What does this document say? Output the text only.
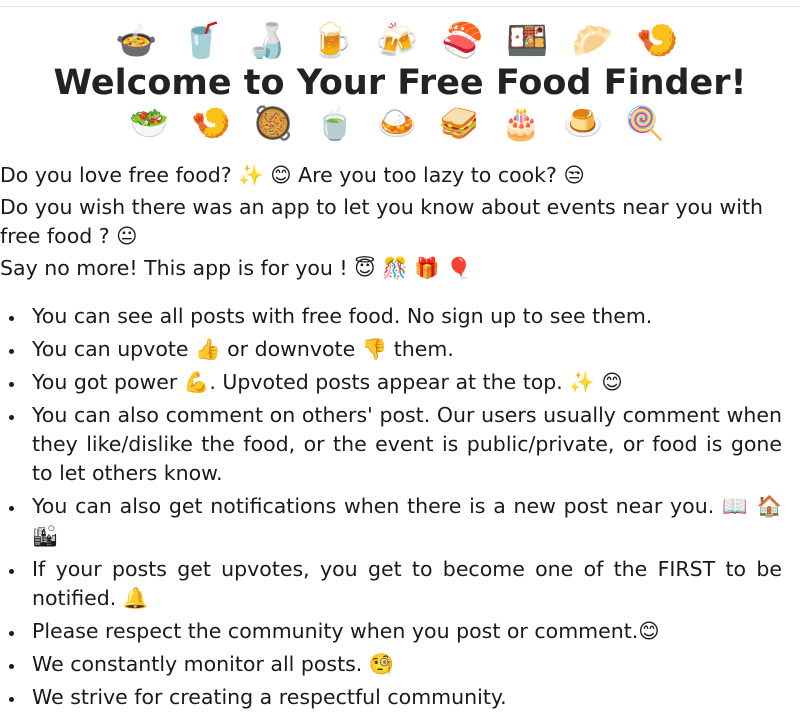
🍲 🥤 🍶 🍺 🍻 🍣 🍱 🥟 🍤
Welcome to Your Free Food Finder!
🥗 🍤 🥘 🍵 🍛 🥪 🎂 🍮 🍭

Do you love free food? ✨ 😊 Are you too lazy to cook? 😒

Do you wish there was an app to let you know about events near you with free food ? 😐

Say no more! This app is for you ! 😇 🎊 🎁 🎈

• You can see all posts with free food. No sign up to see them.
• You can upvote 👍 or downvote 👎 them.
• You got power 💪. Upvoted posts appear at the top. ✨ 😊
• You can also comment on others' post. Our users usually comment when they like/dislike the food, or the event is public/private, or food is gone to let others know.
• You can also get notifications when there is a new post near you. 📖 🏠 🏙
• If your posts get upvotes, you get to become one of the FIRST to be notified. 🔔
• Please respect the community when you post or comment.😊
• We constantly monitor all posts. 🧐
• We strive for creating a respectful community.
